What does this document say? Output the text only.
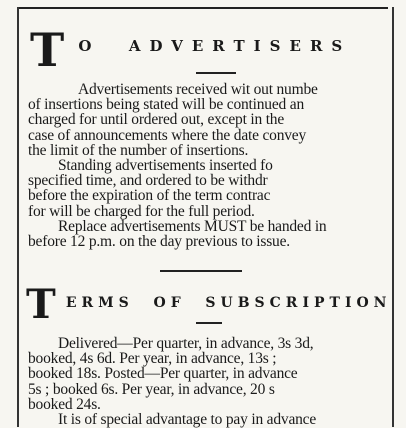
T O  ADVERTISERS
Advertisements received wit out numbe
of insertions being stated will be continued an
charged for until ordered out, except in the
case of announcements where the date convey
the limit of the number of insertions.
Standing advertisements inserted fo
specified time, and ordered to be withdr
before the expiration of the term contrac
for will be charged for the full period.
Replace advertisements MUST be handed in
before 12 p.m. on the day previous to issue.
T ERMS  OF  SUBSCRIPTION
Delivered—Per quarter, in advance, 3s 3d,
booked, 4s 6d. Per year, in advance, 13s ;
booked 18s. Posted—Per quarter, in advance
5s ; booked 6s. Per year, in advance, 20 s
booked 24s.
It is of special advantage to pay in advance
